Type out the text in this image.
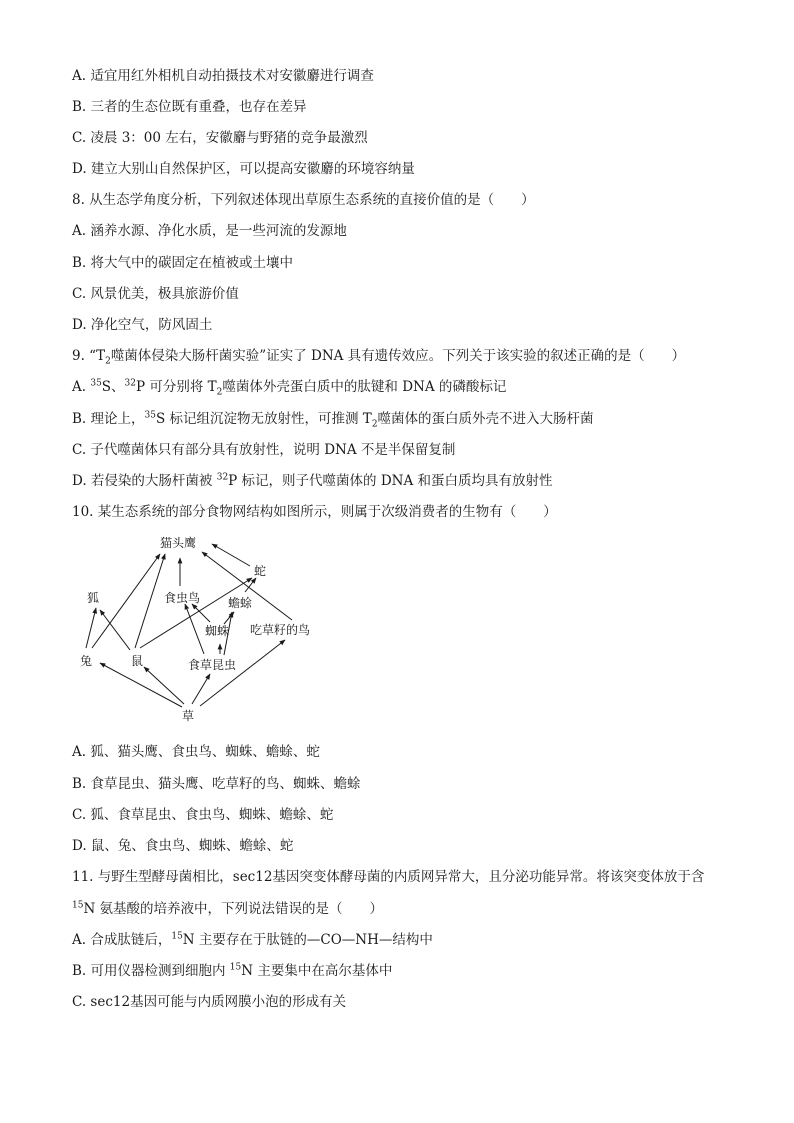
A. 适宜用红外相机自动拍摄技术对安徽麝进行调查
B. 三者的生态位既有重叠，也存在差异
C. 凌晨 3：00 左右，安徽麝与野猪的竞争最激烈
D. 建立大别山自然保护区，可以提高安徽麝的环境容纳量
8. 从生态学角度分析，下列叙述体现出草原生态系统的直接价值的是（　　）
A. 涵养水源、净化水质，是一些河流的发源地
B. 将大气中的碳固定在植被或土壤中
C. 风景优美，极具旅游价值
D. 净化空气，防风固土
9. “$T_2$噬菌体侵染大肠杆菌实验”证实了 DNA 具有遗传效应。下列关于该实验的叙述正确的是（　　）
A. $^{35}$S、$^{32}$P 可分别将 $T_2$噬菌体外壳蛋白质中的肽键和 DNA 的磷酸标记
B. 理论上，$^{35}$S 标记组沉淀物无放射性，可推测 $T_2$噬菌体的蛋白质外壳不进入大肠杆菌
C. 子代噬菌体只有部分具有放射性，说明 DNA 不是半保留复制
D. 若侵染的大肠杆菌被 $^{32}$P 标记，则子代噬菌体的 DNA 和蛋白质均具有放射性
10. 某生态系统的部分食物网结构如图所示，则属于次级消费者的生物有（　　）
猫头鹰
蛇
狐	食虫鸟 蟾蜍
蜘蛛 吃草籽的鸟
兔	鼠	食草昆虫
草
A. 狐、猫头鹰、食虫鸟、蜘蛛、蟾蜍、蛇
B. 食草昆虫、猫头鹰、吃草籽的鸟、蜘蛛、蟾蜍
C. 狐、食草昆虫、食虫鸟、蜘蛛、蟾蜍、蛇
D. 鼠、兔、食虫鸟、蜘蛛、蟾蜍、蛇
11. 与野生型酵母菌相比，sec12基因突变体酵母菌的内质网异常大，且分泌功能异常。将该突变体放于含
$^{15}$N 氨基酸的培养液中，下列说法错误的是（　　）
A. 合成肽链后，$^{15}$N 主要存在于肽链的—CO—NH—结构中
B. 可用仪器检测到细胞内 $^{15}$N 主要集中在高尔基体中
C. sec12基因可能与内质网膜小泡的形成有关
